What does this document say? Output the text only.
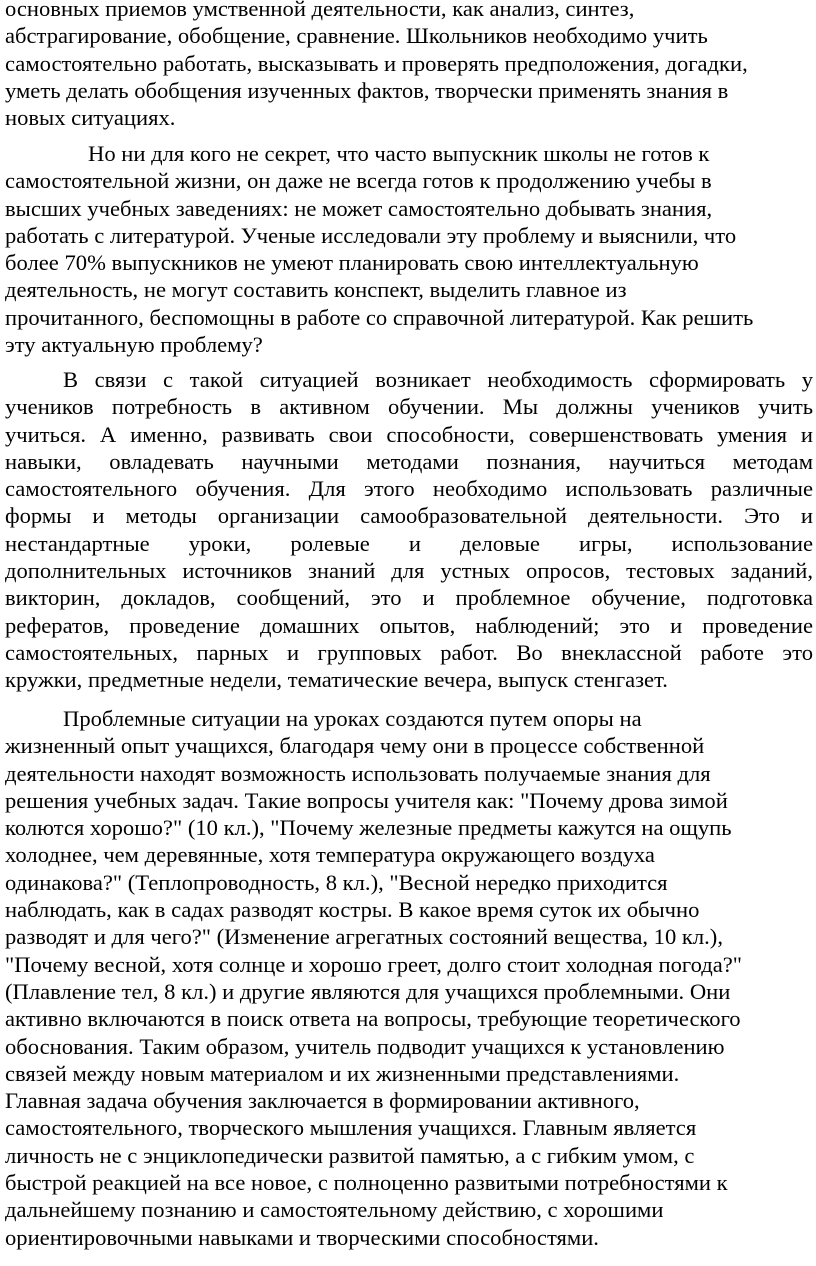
основных приемов умственной деятельности, как анализ, синтез,
абстрагирование, обобщение, сравнение. Школьников необходимо учить
самостоятельно работать, высказывать и проверять предположения, догадки,
уметь делать обобщения изученных фактов, творчески применять знания в
новых ситуациях.
Но ни для кого не секрет, что часто выпускник школы не готов к
самостоятельной жизни, он даже не всегда готов к продолжению учебы в
высших учебных заведениях: не может самостоятельно добывать знания,
работать с литературой. Ученые исследовали эту проблему и выяснили, что
более 70% выпускников не умеют планировать свою интеллектуальную
деятельность, не могут составить конспект, выделить главное из
прочитанного, беспомощны в работе со справочной литературой. Как решить
эту актуальную проблему?
В связи с такой ситуацией возникает необходимость сформировать у
учеников потребность в активном обучении. Мы должны учеников учить
учиться. А именно, развивать свои способности, совершенствовать умения и
навыки, овладевать научными методами познания, научиться методам
самостоятельного обучения. Для этого необходимо использовать различные
формы и методы организации самообразовательной деятельности. Это и
нестандартные уроки, ролевые и деловые игры, использование
дополнительных источников знаний для устных опросов, тестовых заданий,
викторин, докладов, сообщений, это и проблемное обучение, подготовка
рефератов, проведение домашних опытов, наблюдений; это и проведение
самостоятельных, парных и групповых работ. Во внеклассной работе это
кружки, предметные недели, тематические вечера, выпуск стенгазет.
Проблемные ситуации на уроках создаются путем опоры на
жизненный опыт учащихся, благодаря чему они в процессе собственной
деятельности находят возможность использовать получаемые знания для
решения учебных задач. Такие вопросы учителя как: "Почему дрова зимой
колются хорошо?" (10 кл.), "Почему железные предметы кажутся на ощупь
холоднее, чем деревянные, хотя температура окружающего воздуха
одинакова?" (Теплопроводность, 8 кл.), "Весной нередко приходится
наблюдать, как в садах разводят костры. В какое время суток их обычно
разводят и для чего?" (Изменение агрегатных состояний вещества, 10 кл.),
"Почему весной, хотя солнце и хорошо греет, долго стоит холодная погода?"
(Плавление тел, 8 кл.) и другие являются для учащихся проблемными. Они
активно включаются в поиск ответа на вопросы, требующие теоретического
обоснования. Таким образом, учитель подводит учащихся к установлению
связей между новым материалом и их жизненными представлениями.
Главная задача обучения заключается в формировании активного,
самостоятельного, творческого мышления учащихся. Главным является
личность не с энциклопедически развитой памятью, а с гибким умом, с
быстрой реакцией на все новое, с полноценно развитыми потребностями к
дальнейшему познанию и самостоятельному действию, с хорошими
ориентировочными навыками и творческими способностями.
